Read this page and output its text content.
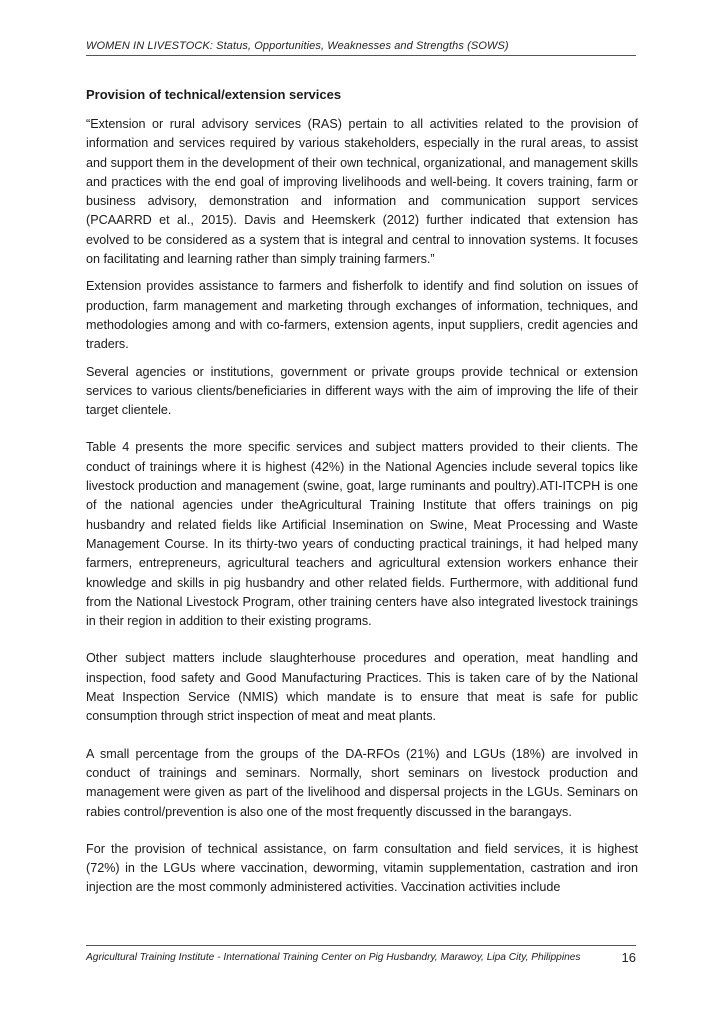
WOMEN IN LIVESTOCK: Status, Opportunities, Weaknesses and Strengths (SOWS)
Provision of technical/extension services

“Extension or rural advisory services (RAS) pertain to all activities related to the provision of information and services required by various stakeholders, especially in the rural areas, to assist and support them in the development of their own technical, organizational, and management skills and practices with the end goal of improving livelihoods and well-being. It covers training, farm or business advisory, demonstration and information and communication support services (PCAARRD et al., 2015). Davis and Heemskerk (2012) further indicated that extension has evolved to be considered as a system that is integral and central to innovation systems. It focuses on facilitating and learning rather than simply training farmers.”

Extension provides assistance to farmers and fisherfolk to identify and find solution on issues of production, farm management and marketing through exchanges of information, techniques, and methodologies among and with co-farmers, extension agents, input suppliers, credit agencies and traders.

Several agencies or institutions, government or private groups provide technical or extension services to various clients/beneficiaries in different ways with the aim of improving the life of their target clientele.

Table 4 presents the more specific services and subject matters provided to their clients. The conduct of trainings where it is highest (42%) in the National Agencies include several topics like livestock production and management (swine, goat, large ruminants and poultry).ATI-ITCPH is one of the national agencies under theAgricultural Training Institute that offers trainings on pig husbandry and related fields like Artificial Insemination on Swine, Meat Processing and Waste Management Course. In its thirty-two years of conducting practical trainings, it had helped many farmers, entrepreneurs, agricultural teachers and agricultural extension workers enhance their knowledge and skills in pig husbandry and other related fields. Furthermore, with additional fund from the National Livestock Program, other training centers have also integrated livestock trainings in their region in addition to their existing programs.

Other subject matters include slaughterhouse procedures and operation, meat handling and inspection, food safety and Good Manufacturing Practices. This is taken care of by the National Meat Inspection Service (NMIS) which mandate is to ensure that meat is safe for public consumption through strict inspection of meat and meat plants.

A small percentage from the groups of the DA-RFOs (21%) and LGUs (18%) are involved in conduct of trainings and seminars. Normally, short seminars on livestock production and management were given as part of the livelihood and dispersal projects in the LGUs. Seminars on rabies control/prevention is also one of the most frequently discussed in the barangays.

For the provision of technical assistance, on farm consultation and field services, it is highest (72%) in the LGUs where vaccination, deworming, vitamin supplementation, castration and iron injection are the most commonly administered activities. Vaccination activities include

Agricultural Training Institute - International Training Center on Pig Husbandry, Marawoy, Lipa City, Philippines	16
